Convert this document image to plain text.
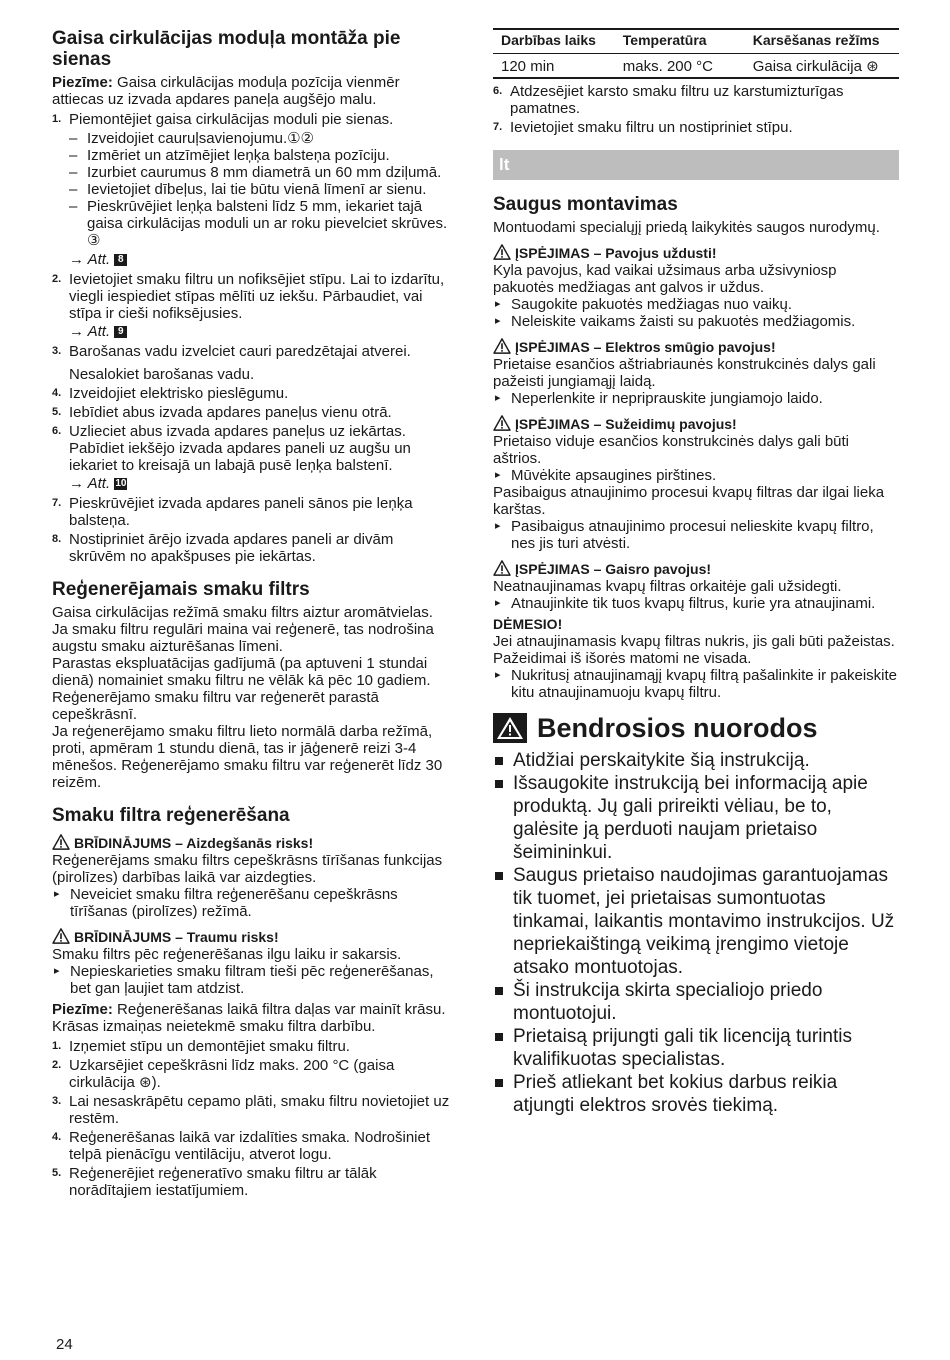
Gaisa cirkulācijas moduļa montāža pie sienas

Piezīme: Gaisa cirkulācijas moduļa pozīcija vienmēr attiecas uz izvada apdares paneļa augšējo malu.

1. Piemontējiet gaisa cirkulācijas moduli pie sienas.
– Izveidojiet cauruļsavienojumu.①②
– Izmēriet un atzīmējiet leņķa balsteņa pozīciju.
– Izurbiet caurumus 8 mm diametrā un 60 mm dziļumā.
– Ievietojiet dībeļus, lai tie būtu vienā līmenī ar sienu.
– Pieskrūvējiet leņķa balsteni līdz 5 mm, iekariet tajā gaisa cirkulācijas moduli un ar roku pievelciet skrūves. ③
→ Att. 8
2. Ievietojiet smaku filtru un nofiksējiet stīpu. Lai to izdarītu, viegli iespiediet stīpas mēlīti uz iekšu. Pārbaudiet, vai stīpa ir cieši nofiksējusies.
→ Att. 9
3. Barošanas vadu izvelciet cauri paredzētajai atverei.

Nesalokiet barošanas vadu.

4. Izveidojiet elektrisko pieslēgumu.
5. Iebīdiet abus izvada apdares paneļus vienu otrā.
6. Uzlieciet abus izvada apdares paneļus uz iekārtas. Pabīdiet iekšējo izvada apdares paneli uz augšu un iekariet to kreisajā un labajā pusē leņķa balstenī.
→ Att. 10
7. Pieskrūvējiet izvada apdares paneli sānos pie leņķa balsteņa.
8. Nostipriniet ārējo izvada apdares paneli ar divām skrūvēm no apakšpuses pie iekārtas.
Reģenerējamais smaku filtrs

Gaisa cirkulācijas režīmā smaku filtrs aiztur aromātvielas. Ja smaku filtru regulāri maina vai reģenerē, tas nodrošina augstu smaku aizturēšanas līmeni.

Parastas ekspluatācijas gadījumā (pa aptuveni 1 stundai dienā) nomainiet smaku filtru ne vēlāk kā pēc 10 gadiem.

Reģenerējamo smaku filtru var reģenerēt parastā cepeškrāsnī.

Ja reģenerējamo smaku filtru lieto normālā darba režīmā, proti, apmēram 1 stundu dienā, tas ir jāģenerē reizi 3-4 mēnešos. Reģenerējamo smaku filtru var reģenerēt līdz 30 reizēm.

Smaku filtra reģenerēšana
BRĪDINĀJUMS – Aizdegšanās risks!

Reģenerējams smaku filtrs cepeškrāsns tīrīšanas funkcijas (pirolīzes) darbības laikā var aizdegties.

▸ Neveiciet smaku filtra reģenerēšanu cepeškrāsns tīrīšanas (pirolīzes) režīmā.
BRĪDINĀJUMS – Traumu risks!

Smaku filtrs pēc reģenerēšanas ilgu laiku ir sakarsis.

▸ Nepieskarieties smaku filtram tieši pēc reģenerēšanas, bet gan ļaujiet tam atdzist.

Piezīme: Reģenerēšanas laikā filtra daļas var mainīt krāsu. Krāsas izmaiņas neietekmē smaku filtra darbību.

1. Izņemiet stīpu un demontējiet smaku filtru.
2. Uzkarsējiet cepeškrāsni līdz maks. 200 °C (gaisa cirkulācija ⊛).
3. Lai nesaskrāpētu cepamo plāti, smaku filtru novietojiet uz restēm.
4. Reģenerēšanas laikā var izdalīties smaka. Nodrošiniet telpā pienācīgu ventilāciju, atverot logu.
5. Reģenerējiet reģeneratīvo smaku filtru ar tālāk norādītajiem iestatījumiem.
Darbības laiks	Temperatūra	Karsēšanas režīms
120 min	maks. 200 °C	Gaisa cirkulācija ⊛
6. Atdzesējiet karsto smaku filtru uz karstumizturīgas pamatnes.
7. Ievietojiet smaku filtru un nostipriniet stīpu.
lt
Saugus montavimas

Montuodami specialųjį priedą laikykitės saugos nurodymų.

ĮSPĖJIMAS – Pavojus uždusti!

Kyla pavojus, kad vaikai užsimaus arba užsivyniosp pakuotės medžiagas ant galvos ir uždus.

▸ Saugokite pakuotės medžiagas nuo vaikų.
▸ Neleiskite vaikams žaisti su pakuotės medžiagomis.
ĮSPĖJIMAS – Elektros smūgio pavojus!

Prietaise esančios aštriabriaunės konstrukcinės dalys gali pažeisti jungiamąjį laidą.

▸ Neperlenkite ir nepriprauskite jungiamojo laido.
ĮSPĖJIMAS – Sužeidimų pavojus!

Prietaiso viduje esančios konstrukcinės dalys gali būti aštrios.

▸ Mūvėkite apsaugines pirštines.

Pasibaigus atnaujinimo procesui kvapų filtras dar ilgai lieka karštas.

▸ Pasibaigus atnaujinimo procesui nelieskite kvapų filtro, nes jis turi atvėsti.
ĮSPĖJIMAS – Gaisro pavojus!

Neatnaujinamas kvapų filtras orkaitėje gali užsidegti.

▸ Atnaujinkite tik tuos kvapų filtrus, kurie yra atnaujinami.
DĖMESIO!

Jei atnaujinamasis kvapų filtras nukris, jis gali būti pažeistas. Pažeidimai iš išorės matomi ne visada.

▸ Nukritusį atnaujinamąjį kvapų filtrą pašalinkite ir pakeiskite kitu atnaujinamuoju kvapų filtru.
Bendrosios nuorodos
Atidžiai perskaitykite šią instrukciją.
Išsaugokite instrukciją bei informaciją apie produktą. Jų gali prireikti vėliau, be to, galėsite ją perduoti naujam prietaiso šeimininkui.
Saugus prietaiso naudojimas garantuojamas tik tuomet, jei prietaisas sumontuotas tinkamai, laikantis montavimo instrukcijos. Už nepriekaištingą veikimą įrengimo vietoje atsako montuotojas.
Ši instrukcija skirta specialiojo priedo montuotojui.
Prietaisą prijungti gali tik licenciją turintis kvalifikuotas specialistas.
Prieš atliekant bet kokius darbus reikia atjungti elektros srovės tiekimą.
24
